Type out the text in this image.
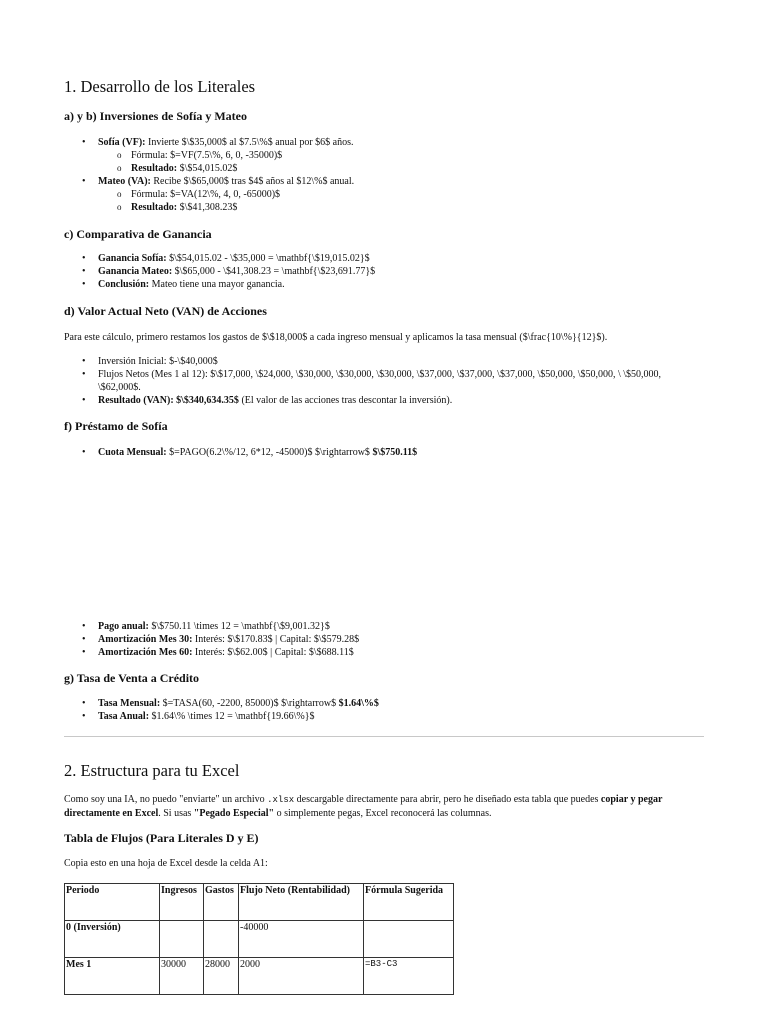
1. Desarrollo de los Literales
a) y b) Inversiones de Sofía y Mateo
• Sofía (VF): Invierte $\$35,000$ al $7.5\%$ anual por $6$ años.
o Fórmula: $=VF(7.5\%, 6, 0, -35000)$
o Resultado: $\$54,015.02$
• Mateo (VA): Recibe $\$65,000$ tras $4$ años al $12\%$ anual.
o Fórmula: $=VA(12\%, 4, 0, -65000)$
o Resultado: $\$41,308.23$
c) Comparativa de Ganancia
• Ganancia Sofía: $\$54,015.02 - \$35,000 = \mathbf{\$19,015.02}$
• Ganancia Mateo: $\$65,000 - \$41,308.23 = \mathbf{\$23,691.77}$
• Conclusión: Mateo tiene una mayor ganancia.
d) Valor Actual Neto (VAN) de Acciones
Para este cálculo, primero restamos los gastos de $\$18,000$ a cada ingreso mensual y aplicamos la tasa mensual ($\frac{10\%}{12}$).
• Inversión Inicial: $-\$40,000$
• Flujos Netos (Mes 1 al 12): $\$17,000, \$24,000, \$30,000, \$30,000, \$30,000, \$37,000, \$37,000, \$37,000, \$50,000, \$50,000, \ \$50,000, \$62,000$.
• Resultado (VAN): $\$340,634.35$ (El valor de las acciones tras descontar la inversión).
f) Préstamo de Sofía
• Cuota Mensual: $=PAGO(6.2\%/12, 6*12, -45000)$ $\rightarrow$ $\$750.11$
• Pago anual: $\$750.11 \times 12 = \mathbf{\$9,001.32}$
• Amortización Mes 30: Interés: $\$170.83$ | Capital: $\$579.28$
• Amortización Mes 60: Interés: $\$62.00$ | Capital: $\$688.11$
g) Tasa de Venta a Crédito
• Tasa Mensual: $=TASA(60, -2200, 85000)$ $\rightarrow$ $1.64\%$
• Tasa Anual: $1.64\% \times 12 = \mathbf{19.66\%}$
2. Estructura para tu Excel
Como soy una IA, no puedo "enviarte" un archivo .xlsx descargable directamente para abrir, pero he diseñado esta tabla que puedes copiar y pegar directamente en Excel. Si usas "Pegado Especial" o simplemente pegas, Excel reconocerá las columnas.
Tabla de Flujos (Para Literales D y E)
Copia esto en una hoja de Excel desde la celda A1:
Periodo	Ingresos	Gastos	Flujo Neto (Rentabilidad)	Fórmula Sugerida
0 (Inversión)			-40000	
Mes 1	30000	28000	2000	=B3-C3
